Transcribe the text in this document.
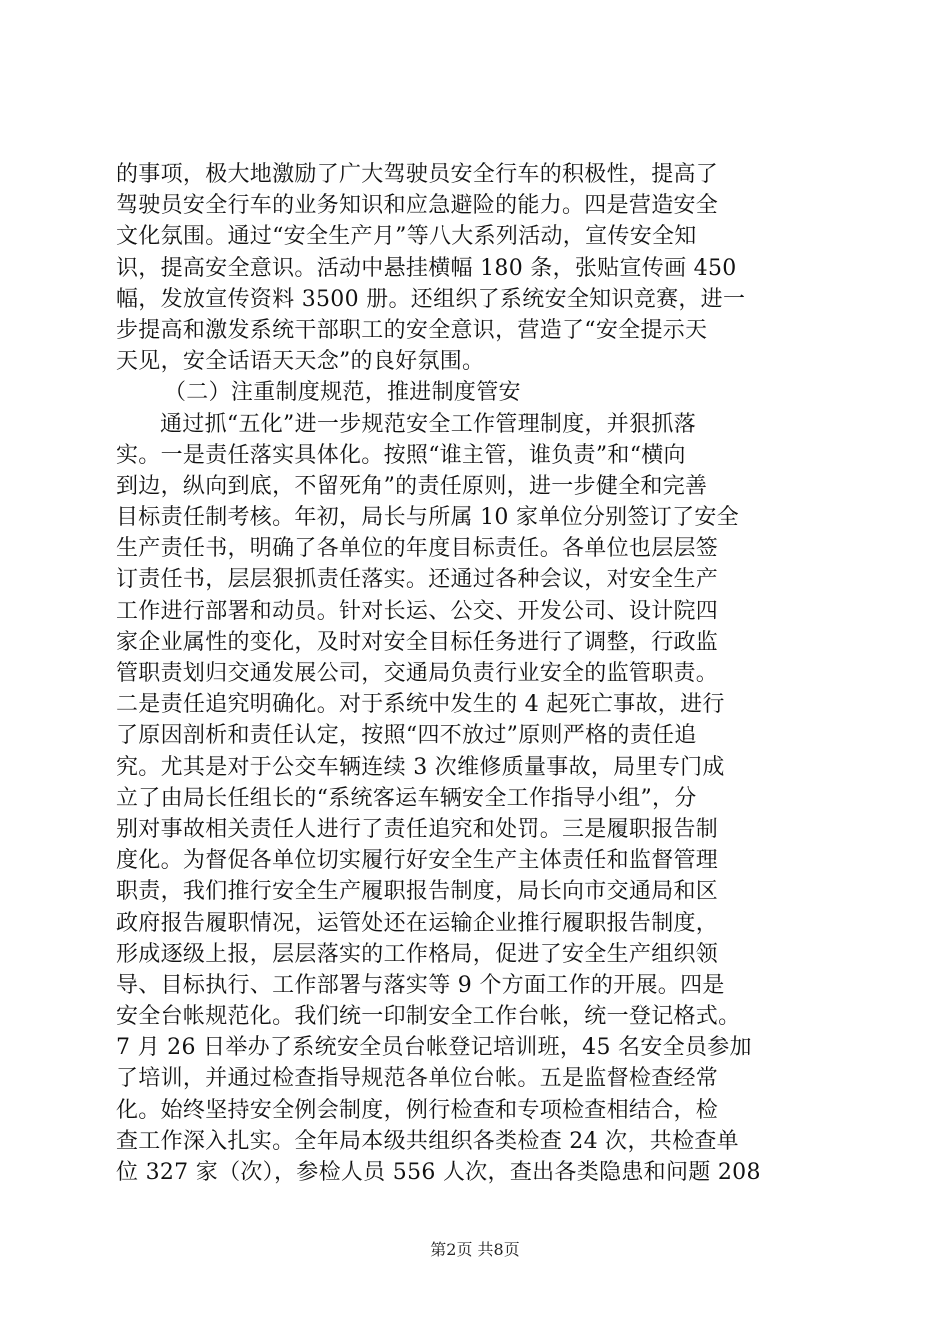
的事项，极大地激励了广大驾驶员安全行车的积极性，提高了
驾驶员安全行车的业务知识和应急避险的能力。四是营造安全
文化氛围。通过“安全生产月”等八大系列活动，宣传安全知
识，提高安全意识。活动中悬挂横幅 180 条，张贴宣传画 450
幅，发放宣传资料 3500 册。还组织了系统安全知识竞赛，进一
步提高和激发系统干部职工的安全意识，营造了“安全提示天
天见，安全话语天天念”的良好氛围。
（二）注重制度规范，推进制度管安
通过抓“五化”进一步规范安全工作管理制度，并狠抓落
实。一是责任落实具体化。按照“谁主管，谁负责”和“横向
到边，纵向到底，不留死角”的责任原则，进一步健全和完善
目标责任制考核。年初，局长与所属 10 家单位分别签订了安全
生产责任书，明确了各单位的年度目标责任。各单位也层层签
订责任书，层层狠抓责任落实。还通过各种会议，对安全生产
工作进行部署和动员。针对长运、公交、开发公司、设计院四
家企业属性的变化，及时对安全目标任务进行了调整，行政监
管职责划归交通发展公司，交通局负责行业安全的监管职责。
二是责任追究明确化。对于系统中发生的 4 起死亡事故，进行
了原因剖析和责任认定，按照“四不放过”原则严格的责任追
究。尤其是对于公交车辆连续 3 次维修质量事故，局里专门成
立了由局长任组长的“系统客运车辆安全工作指导小组”，分
别对事故相关责任人进行了责任追究和处罚。三是履职报告制
度化。为督促各单位切实履行好安全生产主体责任和监督管理
职责，我们推行安全生产履职报告制度，局长向市交通局和区
政府报告履职情况，运管处还在运输企业推行履职报告制度，
形成逐级上报，层层落实的工作格局，促进了安全生产组织领
导、目标执行、工作部署与落实等 9 个方面工作的开展。四是
安全台帐规范化。我们统一印制安全工作台帐，统一登记格式。
7 月 26 日举办了系统安全员台帐登记培训班，45 名安全员参加
了培训，并通过检查指导规范各单位台帐。五是监督检查经常
化。始终坚持安全例会制度，例行检查和专项检查相结合，检
查工作深入扎实。全年局本级共组织各类检查 24 次，共检查单
位 327 家（次），参检人员 556 人次，查出各类隐患和问题 208
第2页 共8页
